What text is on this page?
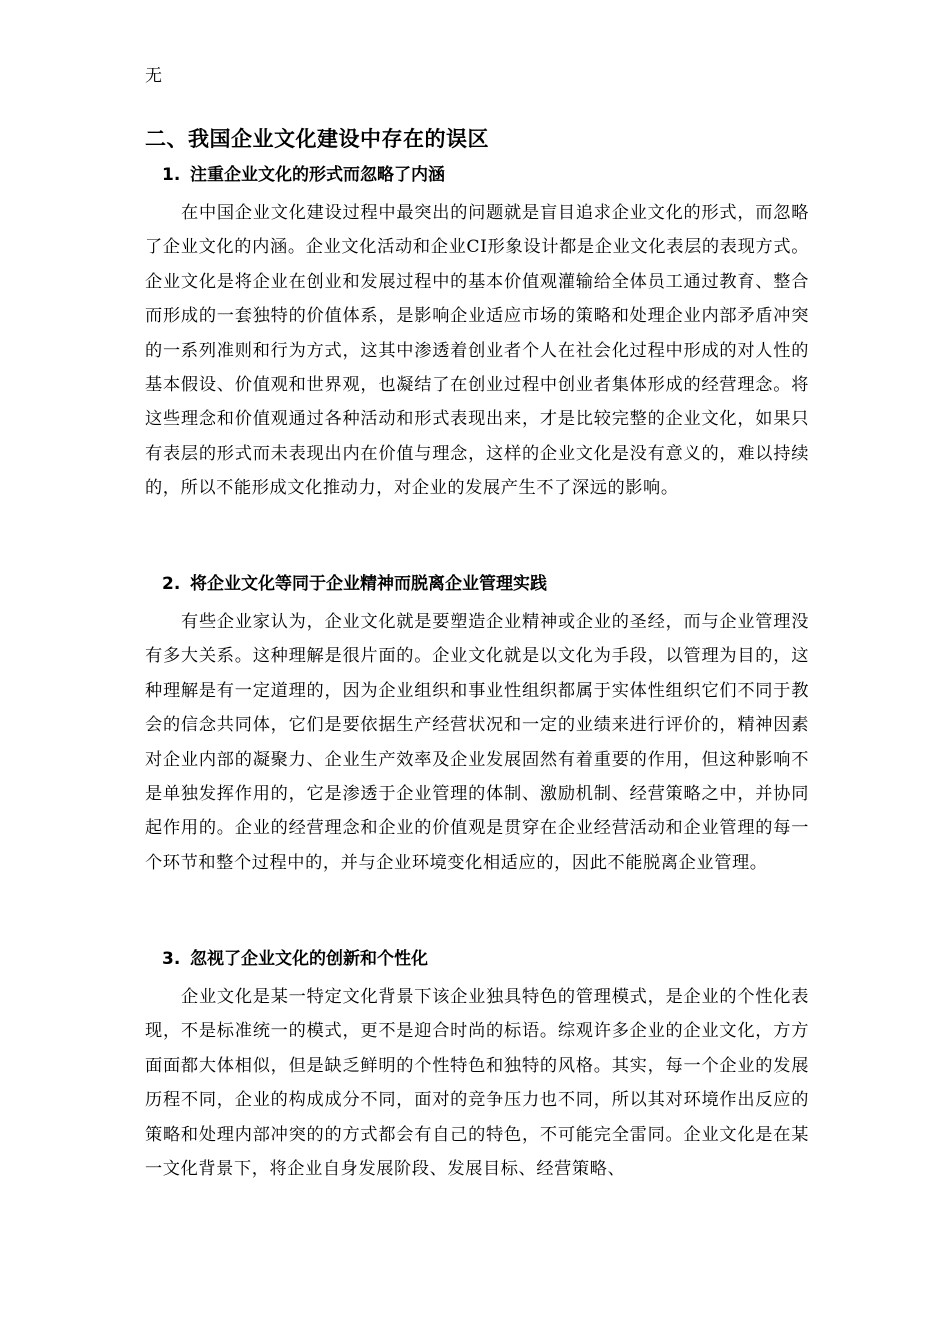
无
二、我国企业文化建设中存在的误区
1. 注重企业文化的形式而忽略了内涵
在中国企业文化建设过程中最突出的问题就是盲目追求企业文化的形式，而忽略了企业文化的内涵。企业文化活动和企业CI形象设计都是企业文化表层的表现方式。企业文化是将企业在创业和发展过程中的基本价值观灌输给全体员工通过教育、整合而形成的一套独特的价值体系，是影响企业适应市场的策略和处理企业内部矛盾冲突的一系列准则和行为方式，这其中渗透着创业者个人在社会化过程中形成的对人性的基本假设、价值观和世界观，也凝结了在创业过程中创业者集体形成的经营理念。将这些理念和价值观通过各种活动和形式表现出来，才是比较完整的企业文化，如果只有表层的形式而未表现出内在价值与理念，这样的企业文化是没有意义的，难以持续的，所以不能形成文化推动力，对企业的发展产生不了深远的影响。
2. 将企业文化等同于企业精神而脱离企业管理实践
有些企业家认为，企业文化就是要塑造企业精神或企业的圣经，而与企业管理没有多大关系。这种理解是很片面的。企业文化就是以文化为手段，以管理为目的，这种理解是有一定道理的，因为企业组织和事业性组织都属于实体性组织它们不同于教会的信念共同体，它们是要依据生产经营状况和一定的业绩来进行评价的，精神因素对企业内部的凝聚力、企业生产效率及企业发展固然有着重要的作用，但这种影响不是单独发挥作用的，它是渗透于企业管理的体制、激励机制、经营策略之中，并协同起作用的。企业的经营理念和企业的价值观是贯穿在企业经营活动和企业管理的每一个环节和整个过程中的，并与企业环境变化相适应的，因此不能脱离企业管理。
3. 忽视了企业文化的创新和个性化
企业文化是某一特定文化背景下该企业独具特色的管理模式，是企业的个性化表现，不是标准统一的模式，更不是迎合时尚的标语。综观许多企业的企业文化，方方面面都大体相似，但是缺乏鲜明的个性特色和独特的风格。其实，每一个企业的发展历程不同，企业的构成成分不同，面对的竞争压力也不同，所以其对环境作出反应的策略和处理内部冲突的的方式都会有自己的特色，不可能完全雷同。企业文化是在某一文化背景下，将企业自身发展阶段、发展目标、经营策略、
